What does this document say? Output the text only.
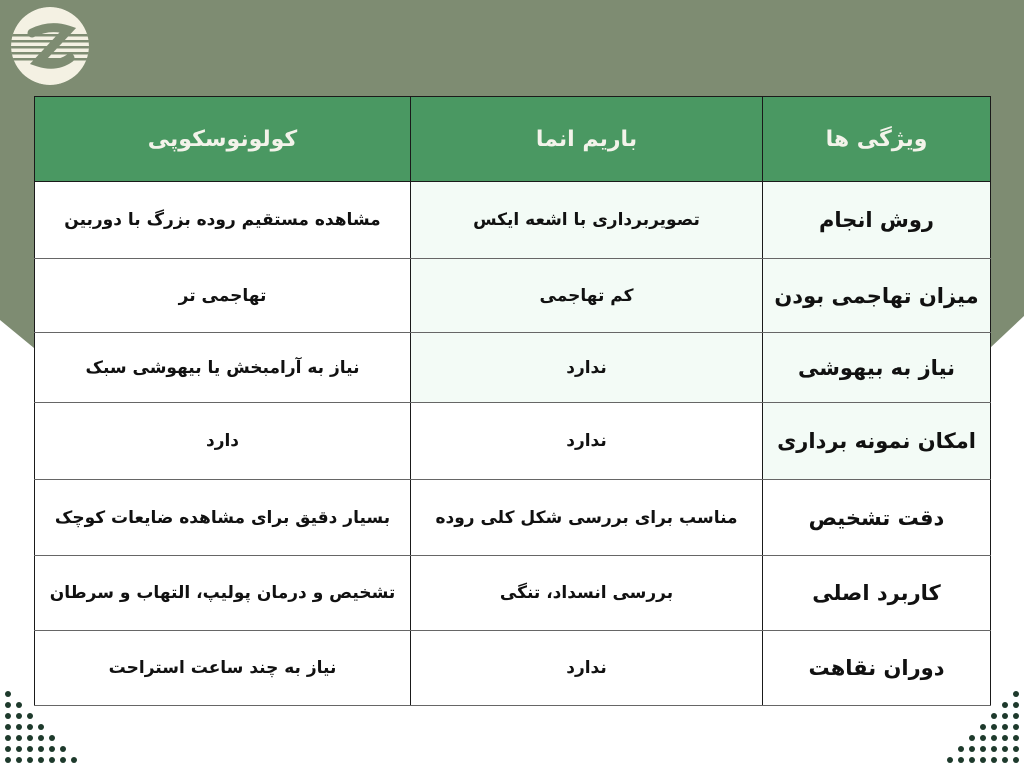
ویژگی ها	باریم انما	کولونوسکوپی
روش انجام	تصویربرداری با اشعه ایکس	مشاهده مستقیم روده بزرگ با دوربین
میزان تهاجمی بودن	کم تهاجمی	تهاجمی تر
نیاز به بیهوشی	ندارد	نیاز به آرامبخش یا بیهوشی سبک
امکان نمونه برداری	ندارد	دارد
دقت تشخیص	مناسب برای بررسی شکل کلی روده	بسیار دقیق برای مشاهده ضایعات کوچک
کاربرد اصلی	بررسی انسداد، تنگی	تشخیص و درمان پولیپ، التهاب و سرطان
دوران نقاهت	ندارد	نیاز به چند ساعت استراحت
